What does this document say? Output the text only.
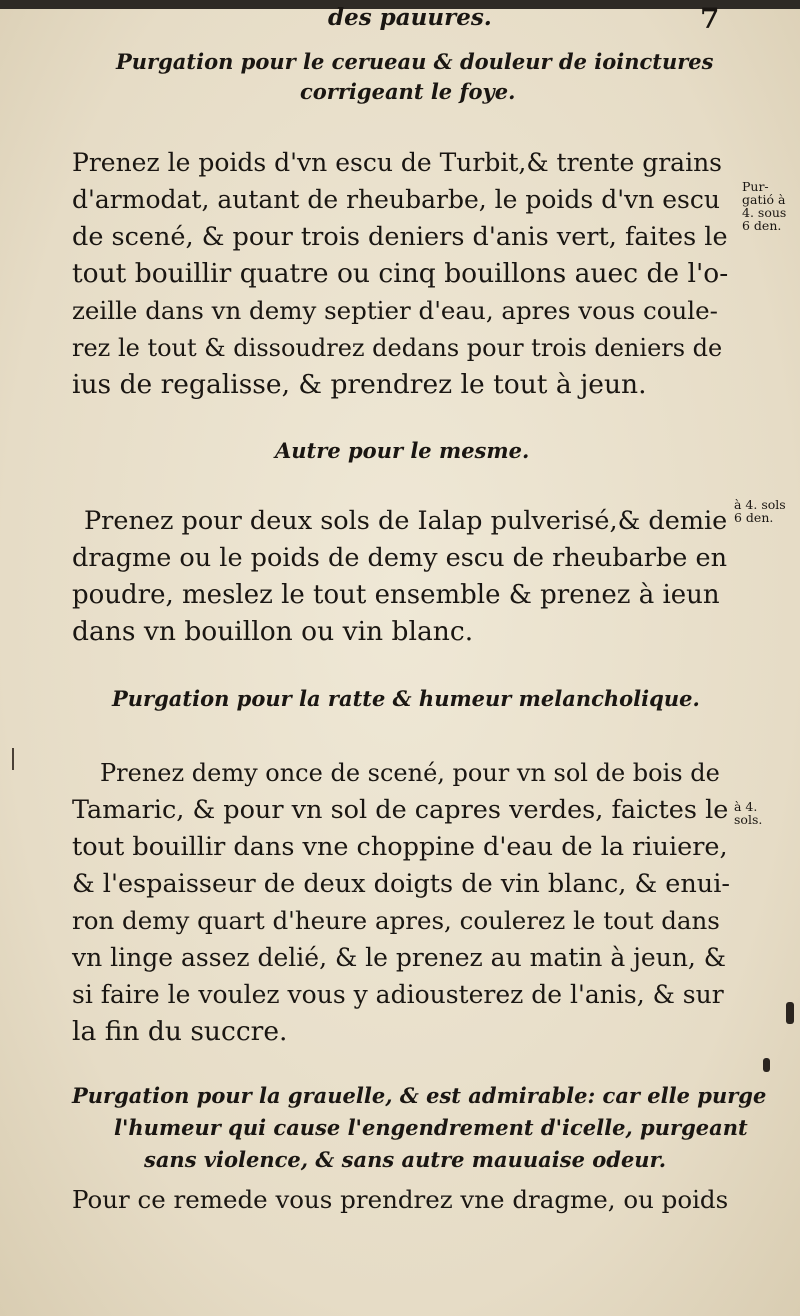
des pauures.	7
Purgation pour le cerueau & douleur de ioinctures
corrigeant le foye.
Prenez le poids d'vn escu de Turbit,& trente grains
d'armodat, autant de rheubarbe, le poids d'vn escu
de scené, & pour trois deniers d'anis vert, faites le
tout bouillir quatre ou cinq bouillons auec de l'o-
zeille dans vn demy septier d'eau, apres vous coule-
rez le tout & dissoudrez dedans pour trois deniers de
ius de regalisse, & prendrez le tout à jeun.
Pur-gatió à 4. sous 6 den.
Autre pour le mesme.
Prenez pour deux sols de Ialap pulverisé,& demie
dragme ou le poids de demy escu de rheubarbe en
poudre, meslez le tout ensemble & prenez à ieun
dans vn bouillon ou vin blanc.
à 4. sols 6 den.
Purgation pour la ratte & humeur melancholique.
Prenez demy once de scené, pour vn sol de bois de
Tamaric, & pour vn sol de capres verdes, faictes le
tout bouillir dans vne choppine d'eau de la riuiere,
& l'espaisseur de deux doigts de vin blanc, & enui-
ron demy quart d'heure apres, coulerez le tout dans
vn linge assez delié, & le prenez au matin à jeun, &
si faire le voulez vous y adiousterez de l'anis, & sur
la fin du succre.
à 4. sols.
Purgation pour la grauelle, & est admirable: car elle purge
l'humeur qui cause l'engendrement d'icelle, purgeant
sans violence, & sans autre mauuaise odeur.
Pour ce remede vous prendrez vne dragme, ou poids
